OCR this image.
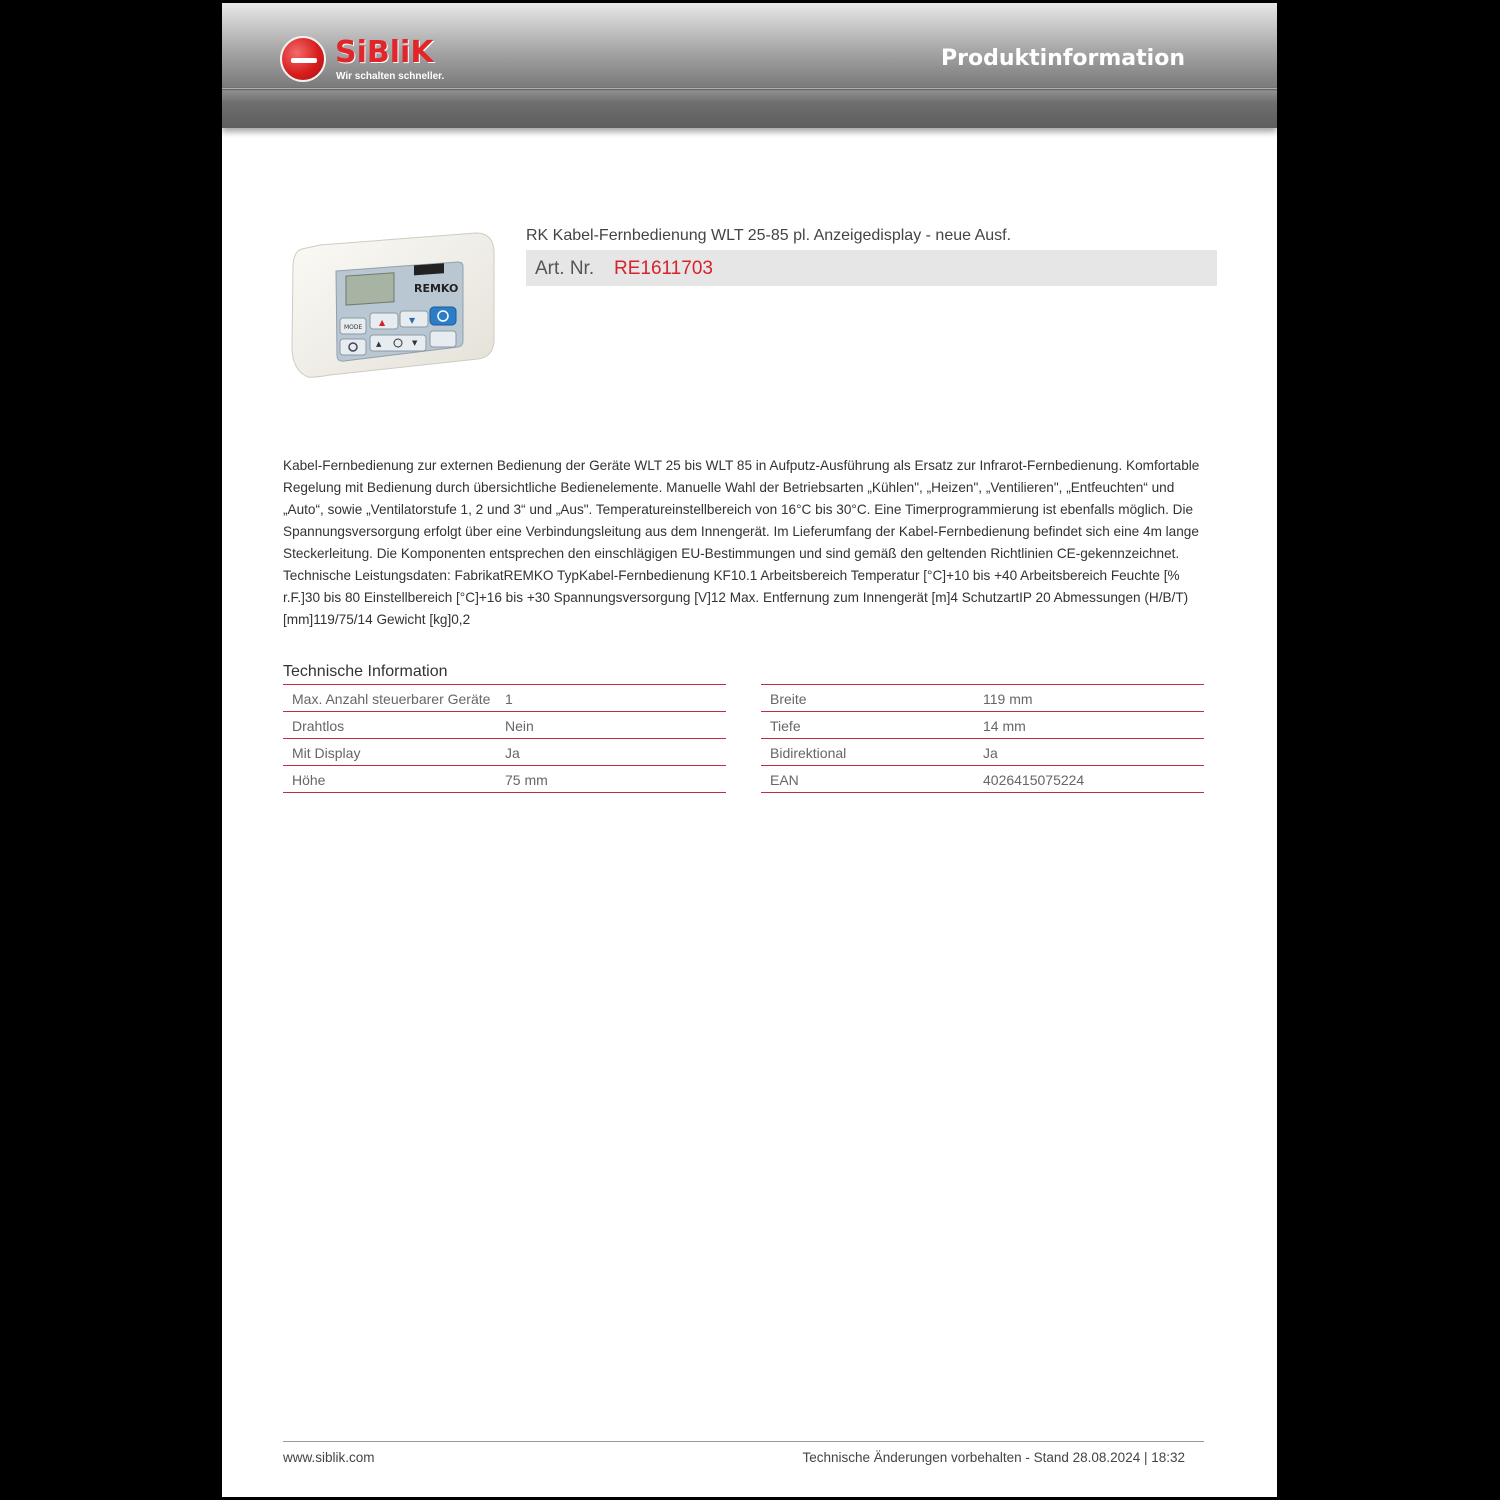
SiBliK
Wir schalten schneller.
Produktinformation
REMKO
MODE
▲	▼
▲	▼
RK Kabel-Fernbedienung WLT 25-85 pl. Anzeigedisplay - neue Ausf.
Art. Nr. RE1611703
Kabel-Fernbedienung zur externen Bedienung der Geräte WLT 25 bis WLT 85 in Aufputz-Ausführung als Ersatz zur Infrarot-Fernbedienung. Komfortable Regelung mit Bedienung durch übersichtliche Bedienelemente. Manuelle Wahl der Betriebsarten „Kühlen", „Heizen", „Ventilieren", „Entfeuchten“ und „Auto“, sowie „Ventilatorstufe 1, 2 und 3“ und „Aus". Temperatureinstellbereich von 16°C bis 30°C. Eine Timerprogrammierung ist ebenfalls möglich. Die Spannungsversorgung erfolgt über eine Verbindungsleitung aus dem Innengerät. Im Lieferumfang der Kabel-Fernbedienung befindet sich eine 4m lange Steckerleitung. Die Komponenten entsprechen den einschlägigen EU-Bestimmungen und sind gemäß den geltenden Richtlinien CE-gekennzeichnet. Technische Leistungsdaten: FabrikatREMKO TypKabel-Fernbedienung KF10.1 Arbeitsbereich Temperatur [°C]+10 bis +40 Arbeitsbereich Feuchte [% r.F.]30 bis 80 Einstellbereich [°C]+16 bis +30 Spannungsversorgung [V]12 Max. Entfernung zum Innengerät [m]4 SchutzartIP 20 Abmessungen (H/B/T)[mm]119/75/14 Gewicht [kg]0,2
Technische Information
Max. Anzahl steuerbarer Geräte 1
Drahtlos	Nein
Mit Display	Ja
Höhe	75 mm
Breite	119 mm
Tiefe	14 mm
Bidirektional	Ja
EAN	4026415075224
www.siblik.com	Technische Änderungen vorbehalten - Stand 28.08.2024 | 18:32
